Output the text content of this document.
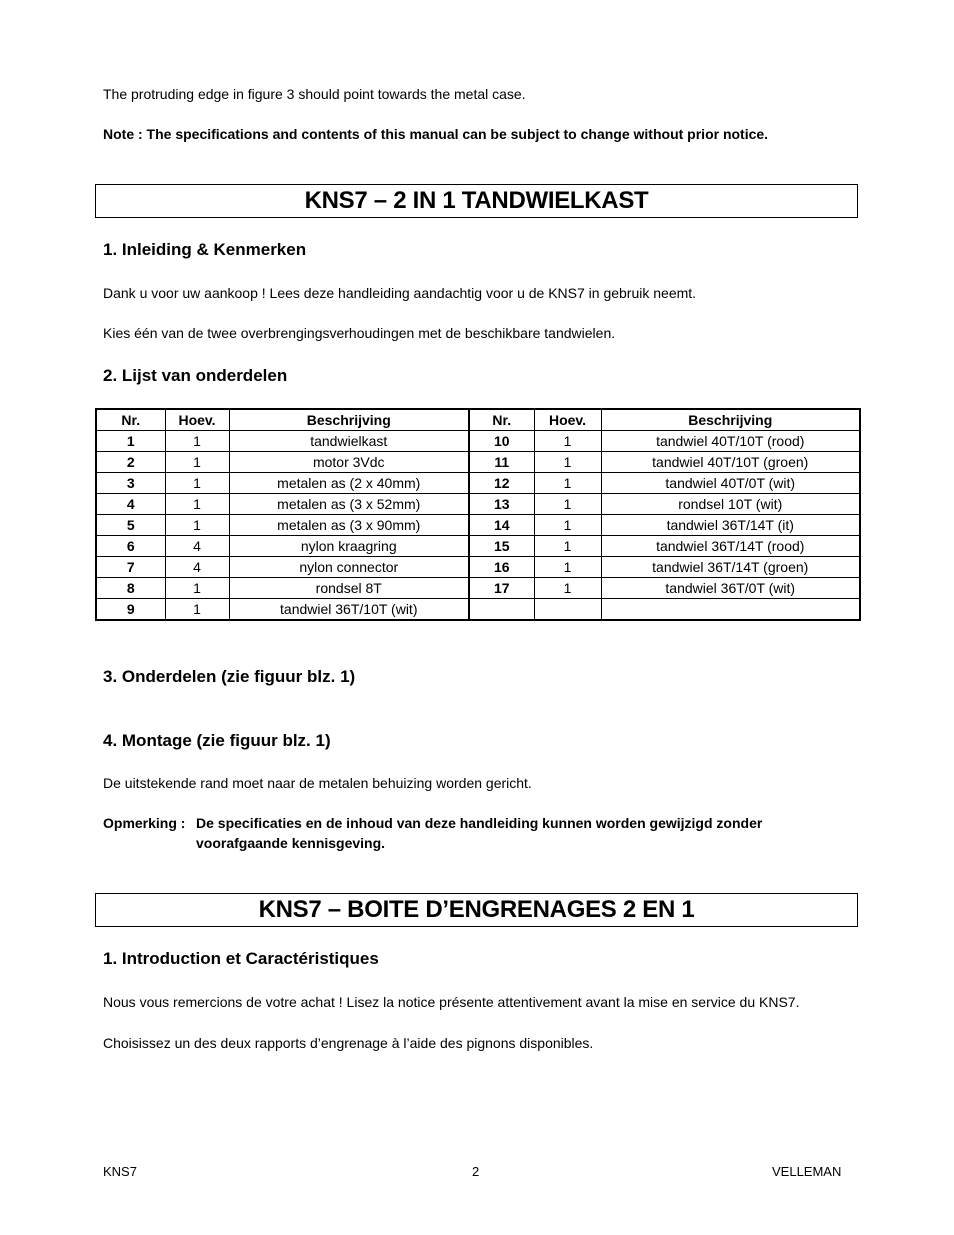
The protruding edge in figure 3 should point towards the metal case.
Note : The specifications and contents of this manual can be subject to change without prior notice.
KNS7 – 2 IN 1 TANDWIELKAST
1. Inleiding & Kenmerken
Dank u voor uw aankoop ! Lees deze handleiding aandachtig voor u de KNS7 in gebruik neemt.
Kies één van de twee overbrengingsverhoudingen met de beschikbare tandwielen.
2. Lijst van onderdelen
Nr.	Hoev.	Beschrijving	Nr.	Hoev.	Beschrijving
1	1	tandwielkast	10	1	tandwiel 40T/10T (rood)
2	1	motor 3Vdc	11	1	tandwiel 40T/10T (groen)
3	1	metalen as (2 x 40mm)	12	1	tandwiel 40T/0T (wit)
4	1	metalen as (3 x 52mm)	13	1	rondsel 10T (wit)
5	1	metalen as (3 x 90mm)	14	1	tandwiel 36T/14T (it)
6	4	nylon kraagring	15	1	tandwiel 36T/14T (rood)
7	4	nylon connector	16	1	tandwiel 36T/14T (groen)
8	1	rondsel 8T	17	1	tandwiel 36T/0T (wit)
9	1	tandwiel 36T/10T (wit)			
3. Onderdelen (zie figuur blz. 1)
4. Montage (zie figuur blz. 1)
De uitstekende rand moet naar de metalen behuizing worden gericht.
Opmerking : De specificaties en de inhoud van deze handleiding kunnen worden gewijzigd zonder
voorafgaande kennisgeving.
KNS7 – BOITE D’ENGRENAGES 2 EN 1
1. Introduction et Caractéristiques
Nous vous remercions de votre achat ! Lisez la notice présente attentivement avant la mise en service du KNS7.
Choisissez un des deux rapports d’engrenage à l’aide des pignons disponibles.
KNS7	2	VELLEMAN
